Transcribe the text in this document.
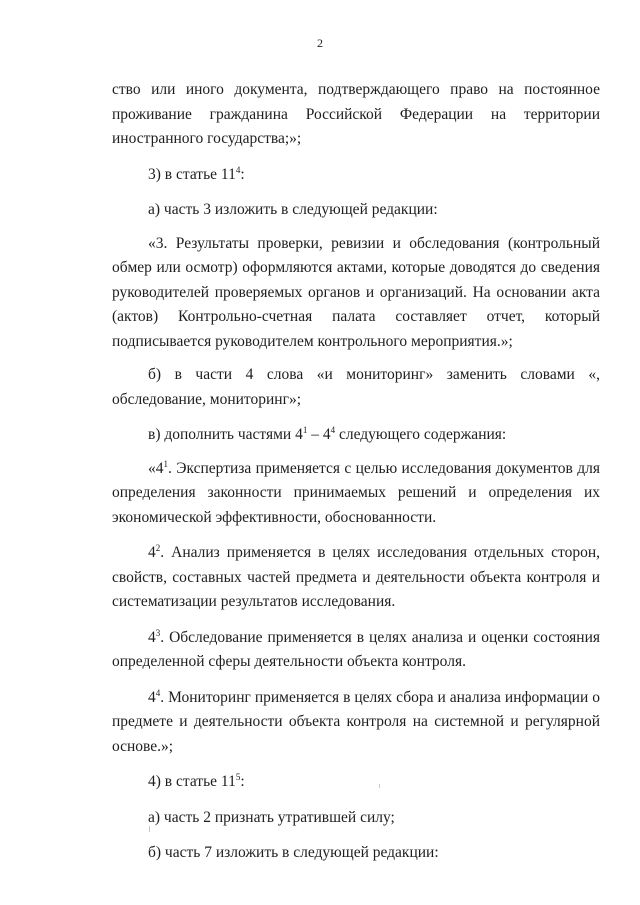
2

ство или иного документа, подтверждающего право на постоянное проживание гражданина Российской Федерации на территории иностранного государства;»;

3) в статье $11^4$:

а) часть 3 изложить в следующей редакции:

«3. Результаты проверки, ревизии и обследования (контрольный обмер или осмотр) оформляются актами, которые доводятся до сведения руководителей проверяемых органов и организаций. На основании акта (актов) Контрольно-счетная палата составляет отчет, который подписывается руководителем контрольного мероприятия.»;

б) в части 4 слова «и мониторинг» заменить словами «, обследование, мониторинг»;

в) дополнить частями $4^1 - 4^4$ следующего содержания:

«$4^1$. Экспертиза применяется с целью исследования документов для определения законности принимаемых решений и определения их экономической эффективности, обоснованности.

$4^2$. Анализ применяется в целях исследования отдельных сторон, свойств, составных частей предмета и деятельности объекта контроля и систематизации результатов исследования.

$4^3$. Обследование применяется в целях анализа и оценки состояния определенной сферы деятельности объекта контроля.

$4^4$. Мониторинг применяется в целях сбора и анализа информации о предмете и деятельности объекта контроля на системной и регулярной основе.»;

4) в статье $11^5$:

а) часть 2 признать утратившей силу;

б) часть 7 изложить в следующей редакции:
